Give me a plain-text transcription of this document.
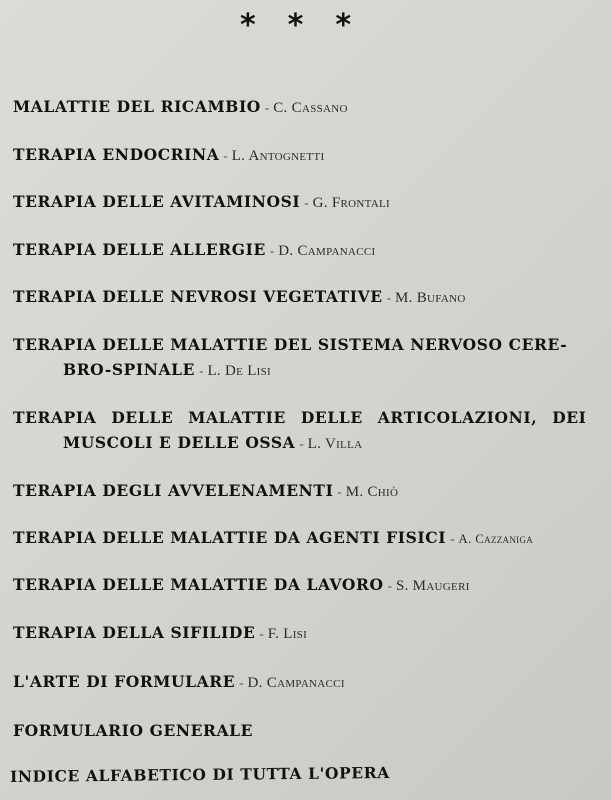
* * *
MALATTIE DEL RICAMBIO - C. Cassano
TERAPIA ENDOCRINA - L. Antognetti
TERAPIA DELLE AVITAMINOSI - G. Frontali
TERAPIA DELLE ALLERGIE - D. Campanacci
TERAPIA DELLE NEVROSI VEGETATIVE - M. Bufano
TERAPIA DELLE MALATTIE DEL SISTEMA NERVOSO CERE-
BRO-SPINALE - L. De Lisi
TERAPIA DELLE MALATTIE DELLE ARTICOLAZIONI, DEI
MUSCOLI E DELLE OSSA - L. Villa
TERAPIA DEGLI AVVELENAMENTI - M. Chiò
TERAPIA DELLE MALATTIE DA AGENTI FISICI - A. Cazzaniga
TERAPIA DELLE MALATTIE DA LAVORO - S. Maugeri
TERAPIA DELLA SIFILIDE - F. Lisi
L'ARTE DI FORMULARE - D. Campanacci
FORMULARIO GENERALE
INDICE ALFABETICO DI TUTTA L'OPERA
